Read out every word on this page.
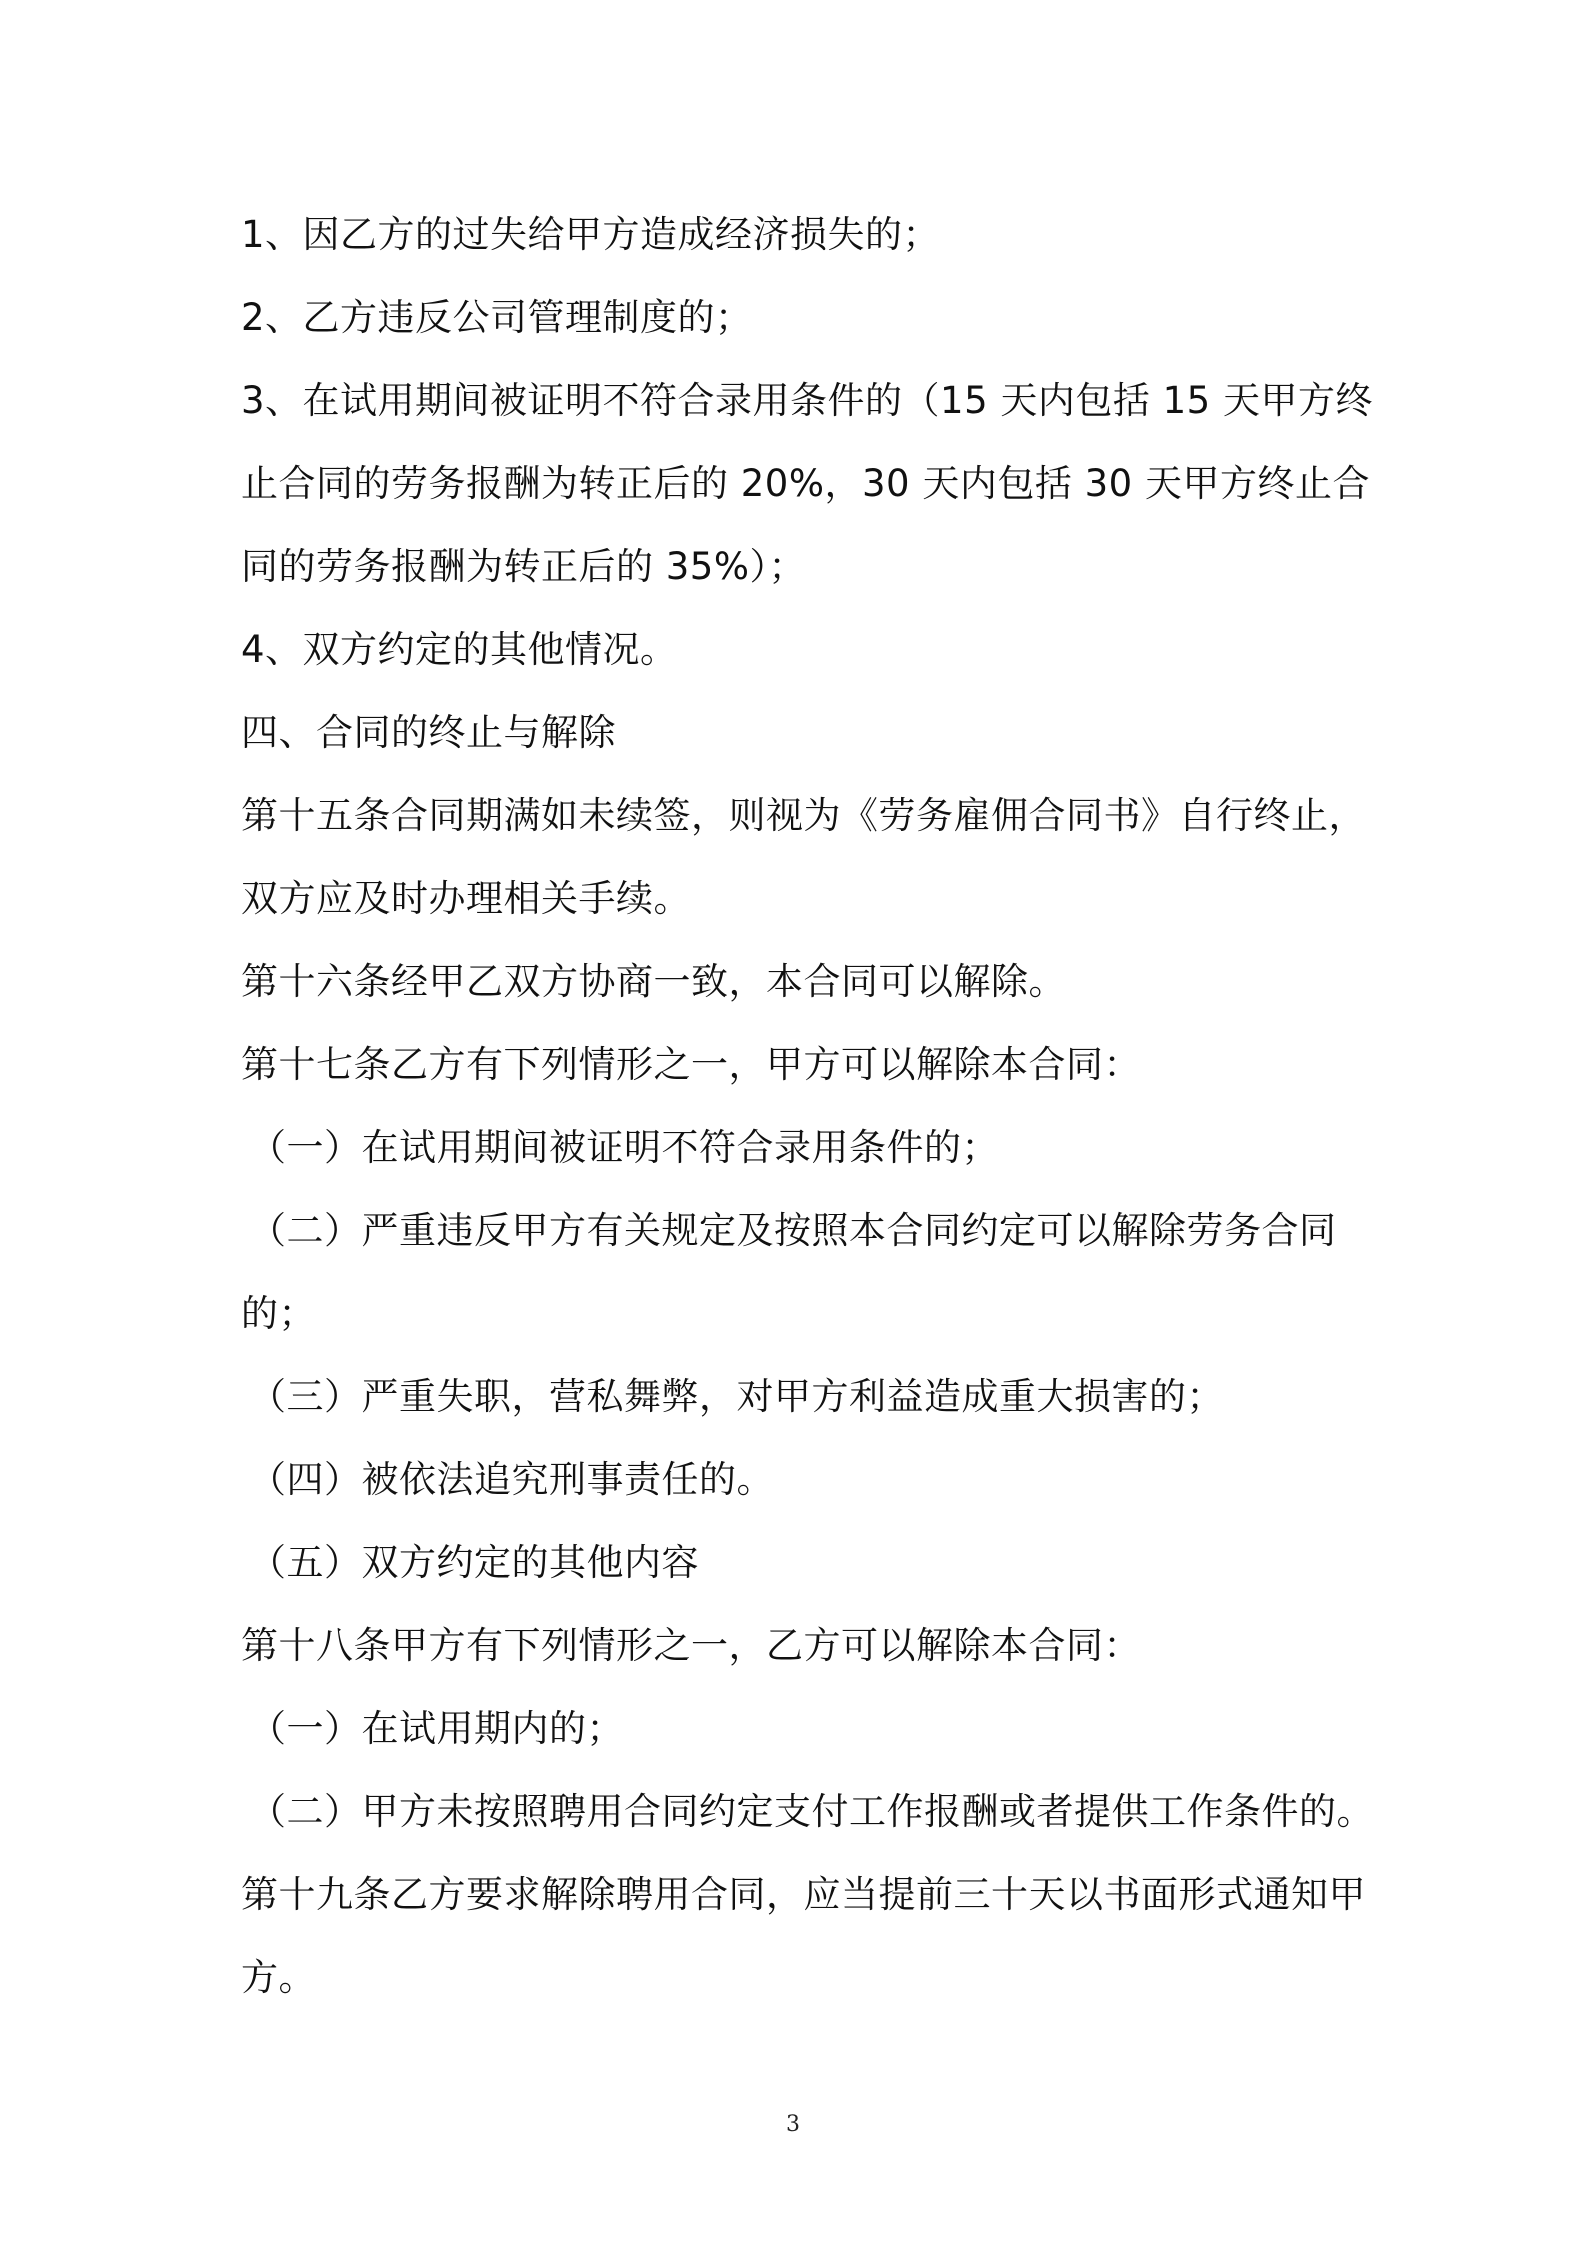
1、因乙方的过失给甲方造成经济损失的；
2、乙方违反公司管理制度的；
3、在试用期间被证明不符合录用条件的（15 天内包括 15 天甲方终
止合同的劳务报酬为转正后的 20%，30 天内包括 30 天甲方终止合
同的劳务报酬为转正后的 35%）；
4、双方约定的其他情况。
四、合同的终止与解除
第十五条合同期满如未续签，则视为《劳务雇佣合同书》自行终止，
双方应及时办理相关手续。
第十六条经甲乙双方协商一致，本合同可以解除。
第十七条乙方有下列情形之一，甲方可以解除本合同：
（一）在试用期间被证明不符合录用条件的；
（二）严重违反甲方有关规定及按照本合同约定可以解除劳务合同
的；
（三）严重失职，营私舞弊，对甲方利益造成重大损害的；
（四）被依法追究刑事责任的。
（五）双方约定的其他内容
第十八条甲方有下列情形之一，乙方可以解除本合同：
（一）在试用期内的；
（二）甲方未按照聘用合同约定支付工作报酬或者提供工作条件的。
第十九条乙方要求解除聘用合同，应当提前三十天以书面形式通知甲
方。
3
